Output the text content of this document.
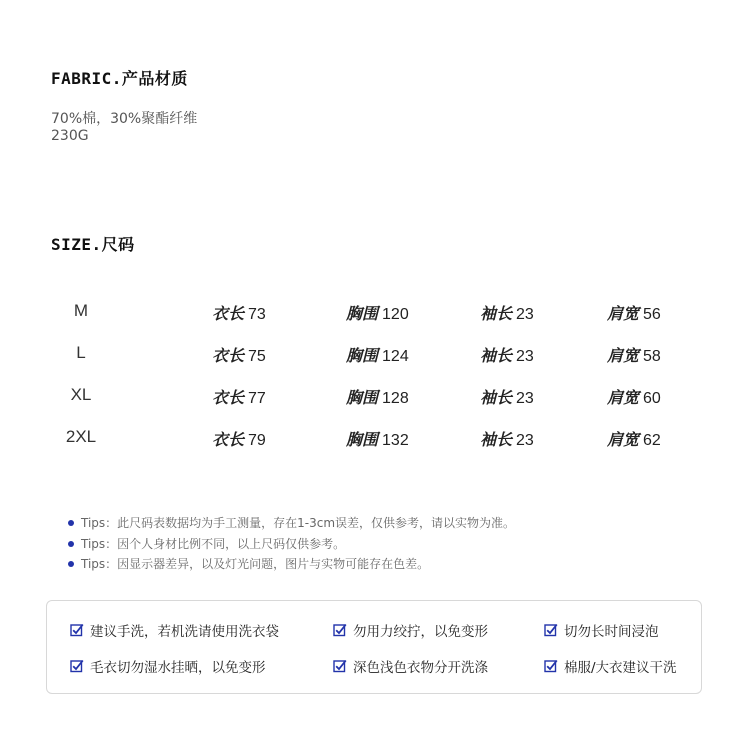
FABRIC.产品材质
70%棉，30%聚酯纤维
230G
SIZE.尺码
M	衣长 73	胸围 120	袖长 23	肩宽 56
L	衣长 75	胸围 124	袖长 23	肩宽 58
XL	衣长 77	胸围 128	袖长 23	肩宽 60
2XL	衣长 79	胸围 132	袖长 23	肩宽 62
Tips：此尺码表数据均为手工测量，存在1-3cm误差，仅供参考，请以实物为准。
Tips：因个人身材比例不同，以上尺码仅供参考。
Tips：因显示器差异，以及灯光问题，图片与实物可能存在色差。
建议手洗，若机洗请使用洗衣袋	勿用力绞拧，以免变形	切勿长时间浸泡
毛衣切勿湿水挂晒，以免变形	深色浅色衣物分开洗涤	棉服/大衣建议干洗
